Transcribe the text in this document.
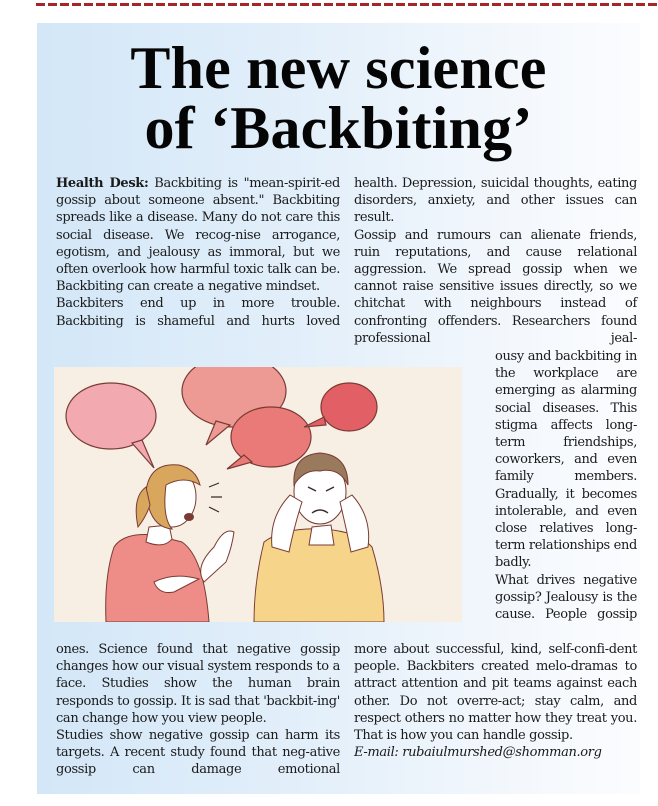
The new science
of ‘Backbiting’

Health Desk: Backbiting is "mean-spirit-ed gossip about someone absent." Backbiting spreads like a disease. Many do not care this social disease. We recog-nise arrogance, egotism, and jealousy as immoral, but we often overlook how harmful toxic talk can be. Backbiting can create a negative mindset.

Backbiters end up in more trouble. Backbiting is shameful and hurts loved

ones. Science found that negative gossip changes how our visual system responds to a face. Studies show the human brain responds to gossip. It is sad that 'backbit-ing' can change how you view people.

Studies show negative gossip can harm its targets. A recent study found that neg-ative gossip can damage emotional

health. Depression, suicidal thoughts, eating disorders, anxiety, and other issues can result.

Gossip and rumours can alienate friends, ruin reputations, and cause relational aggression. We spread gossip when we cannot raise sensitive issues directly, so we chitchat with neighbours instead of confronting offenders. Researchers found professional jeal-

ousy and backbiting in the workplace are emerging as alarming social diseases. This stigma affects long-term friendships, coworkers, and even family members. Gradually, it becomes intolerable, and even close relatives long-term relationships end badly.

What drives negative gossip? Jealousy is the cause. People gossip

more about successful, kind, self-confi-dent people. Backbiters created melo-dramas to attract attention and pit teams against each other. Do not overre-act; stay calm, and respect others no matter how they treat you. That is how you can handle gossip.

E-mail: rubaiulmurshed@shomman.org
